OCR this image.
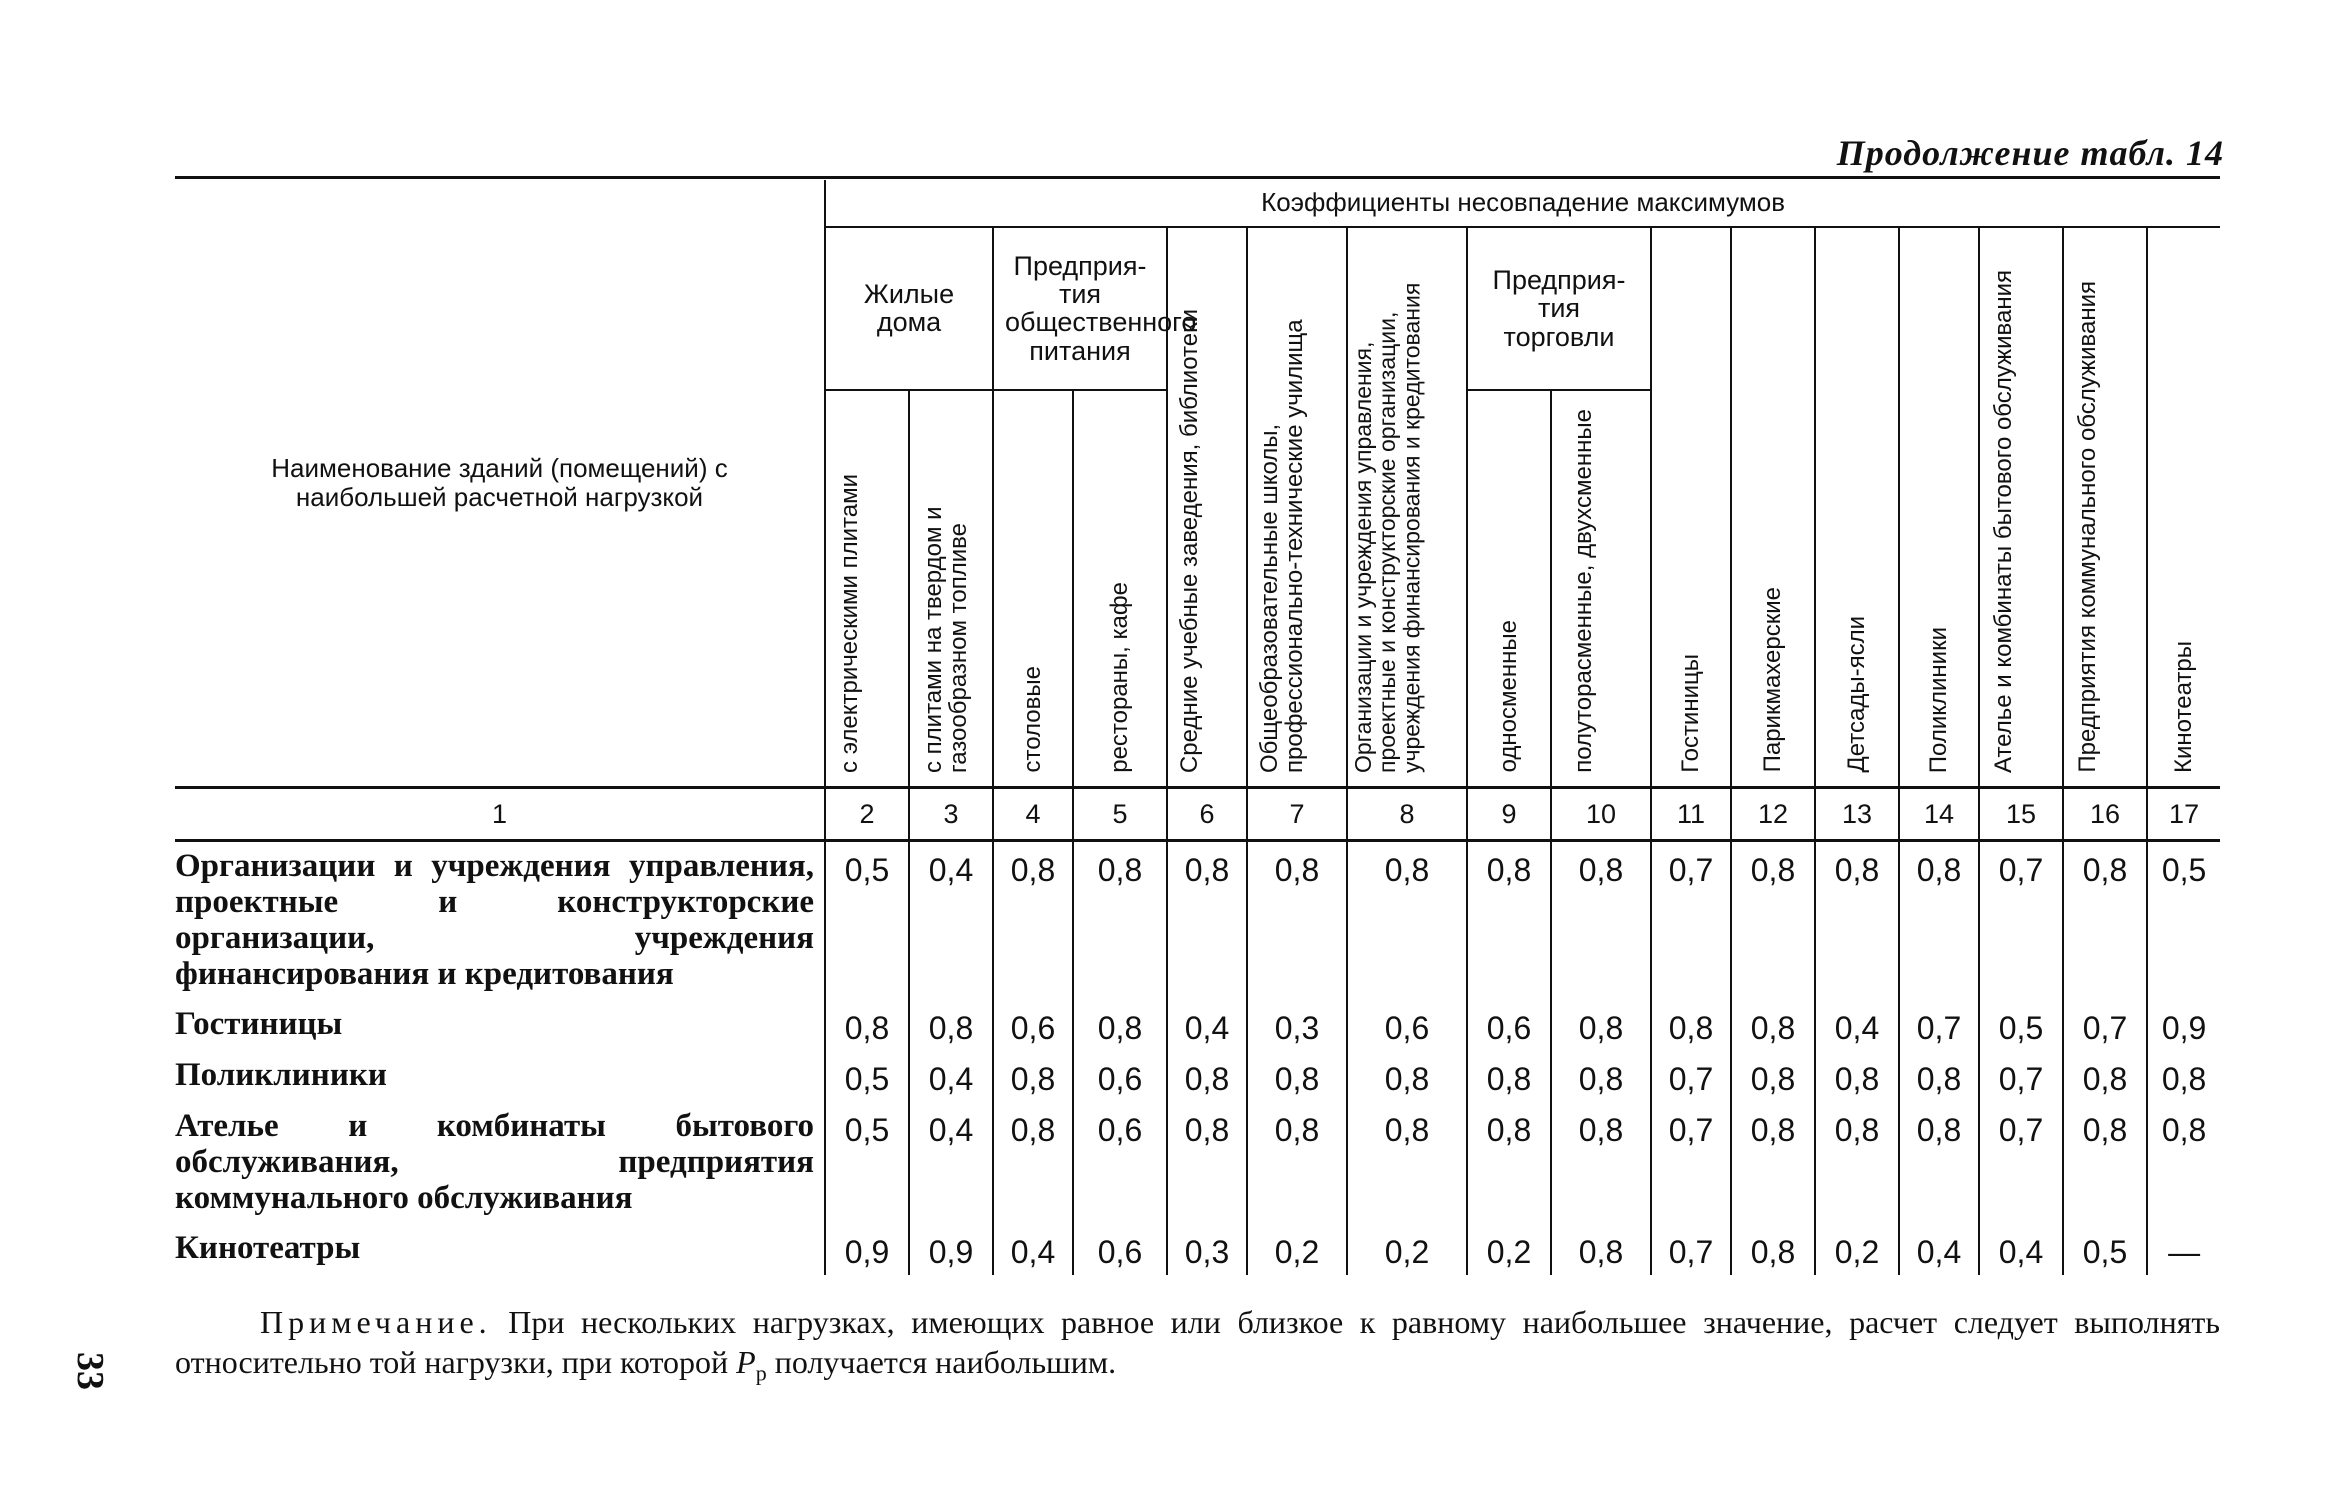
Продолжение табл. 14
33
Наименование зданий (помещений) с наибольшей расчетной нагрузкой	Коэффициенты несовпадение максимумов															
	Жилые дома		Предприя-тия общественного питания		Средние учебные заведения, библиотеки	Общеобразовательные школы, профессионально-технические училища	Организации и учреждения управления, проектные и конструкторские организации, учреждения финансирования и кредитования	Предприя-тия торговли		Гостиницы	Парикмахерские	Детсады-ясли	Поликлиники	Ателье и комбинаты бытового обслуживания	Предприятия коммунального обслуживания	Кинотеатры
	с электрическими плитами	с плитами на твердом и газообразном топливе	столовые	рестораны, кафе				односменные	полуторасменные, двухсменные							
1	2	3	4	5	6	7	8	9	10	11	12	13	14	15	16	17
Организации и учреждения управления, проектные и конструкторские организации, учреждения финансирования и кредитования	0,5	0,4	0,8	0,8	0,8	0,8	0,8	0,8	0,8	0,7	0,8	0,8	0,8	0,7	0,8	0,5
Гостиницы	0,8	0,8	0,6	0,8	0,4	0,3	0,6	0,6	0,8	0,8	0,8	0,4	0,7	0,5	0,7	0,9
Поликлиники	0,5	0,4	0,8	0,6	0,8	0,8	0,8	0,8	0,8	0,7	0,8	0,8	0,8	0,7	0,8	0,8
Ателье и комбинаты бытового обслуживания, предприятия коммунального обслуживания	0,5	0,4	0,8	0,6	0,8	0,8	0,8	0,8	0,8	0,7	0,8	0,8	0,8	0,7	0,8	0,8
Кинотеатры	0,9	0,9	0,4	0,6	0,3	0,2	0,2	0,2	0,8	0,7	0,8	0,2	0,4	0,4	0,5	—
Примечание. При нескольких нагрузках, имеющих равное или близкое к равному наибольшее значение, расчет следует выполнять относительно той нагрузки, при которой $P_р$ получается наибольшим.
